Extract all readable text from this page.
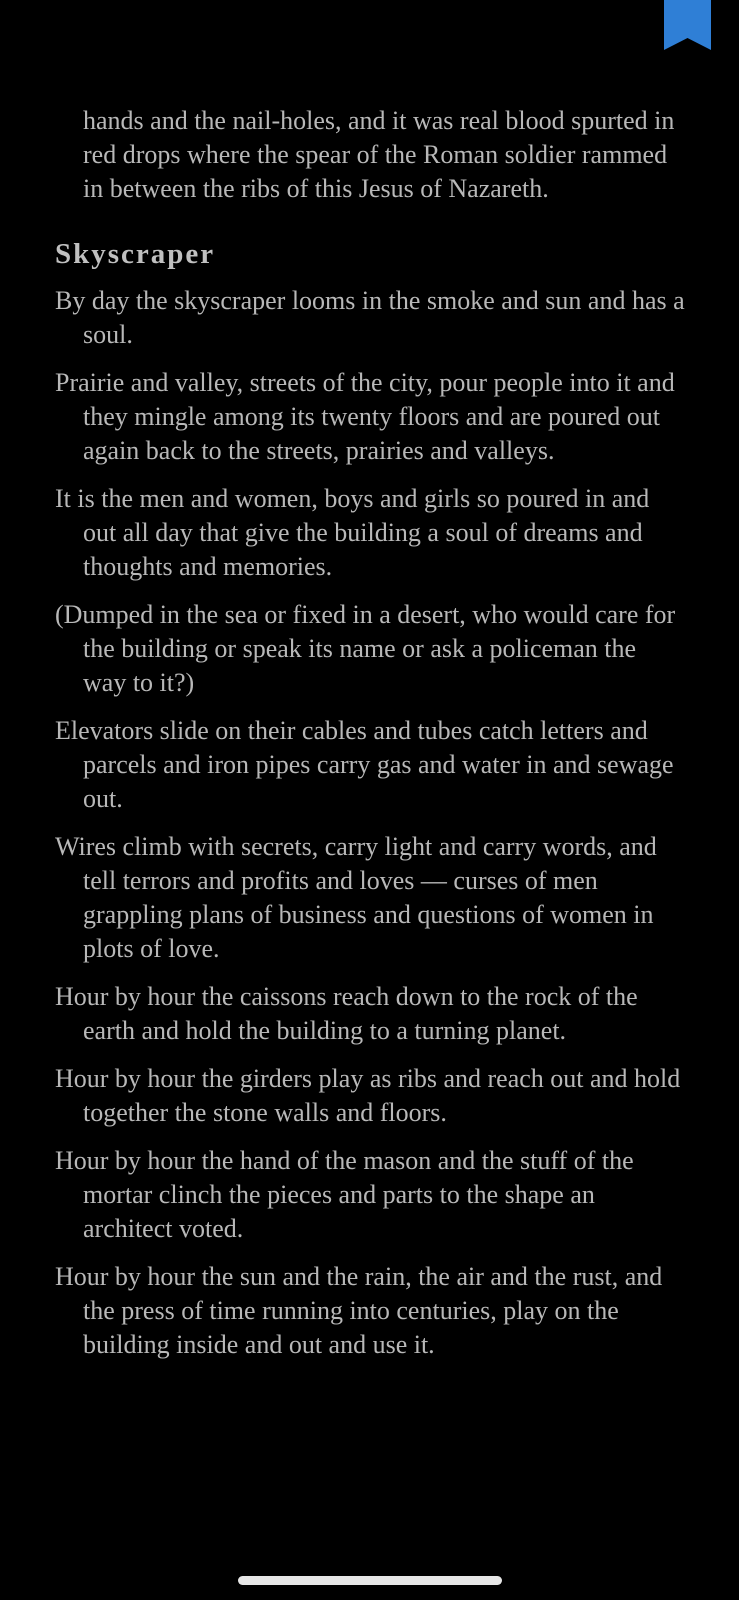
hands and the nail-holes, and it was real blood spurted in red drops where the spear of the Roman soldier rammed in between the ribs of this Jesus of Nazareth.

Skyscraper

By day the skyscraper looms in the smoke and sun and has a soul.

Prairie and valley, streets of the city, pour people into it and they mingle among its twenty floors and are poured out again back to the streets, prairies and valleys.

It is the men and women, boys and girls so poured in and out all day that give the building a soul of dreams and thoughts and memories.

(Dumped in the sea or fixed in a desert, who would care for the building or speak its name or ask a policeman the way to it?)

Elevators slide on their cables and tubes catch letters and parcels and iron pipes carry gas and water in and sewage out.

Wires climb with secrets, carry light and carry words, and tell terrors and profits and loves — curses of men grappling plans of business and questions of women in plots of love.

Hour by hour the caissons reach down to the rock of the earth and hold the building to a turning planet.

Hour by hour the girders play as ribs and reach out and hold together the stone walls and floors.

Hour by hour the hand of the mason and the stuff of the mortar clinch the pieces and parts to the shape an architect voted.

Hour by hour the sun and the rain, the air and the rust, and the press of time running into centuries, play on the building inside and out and use it.
